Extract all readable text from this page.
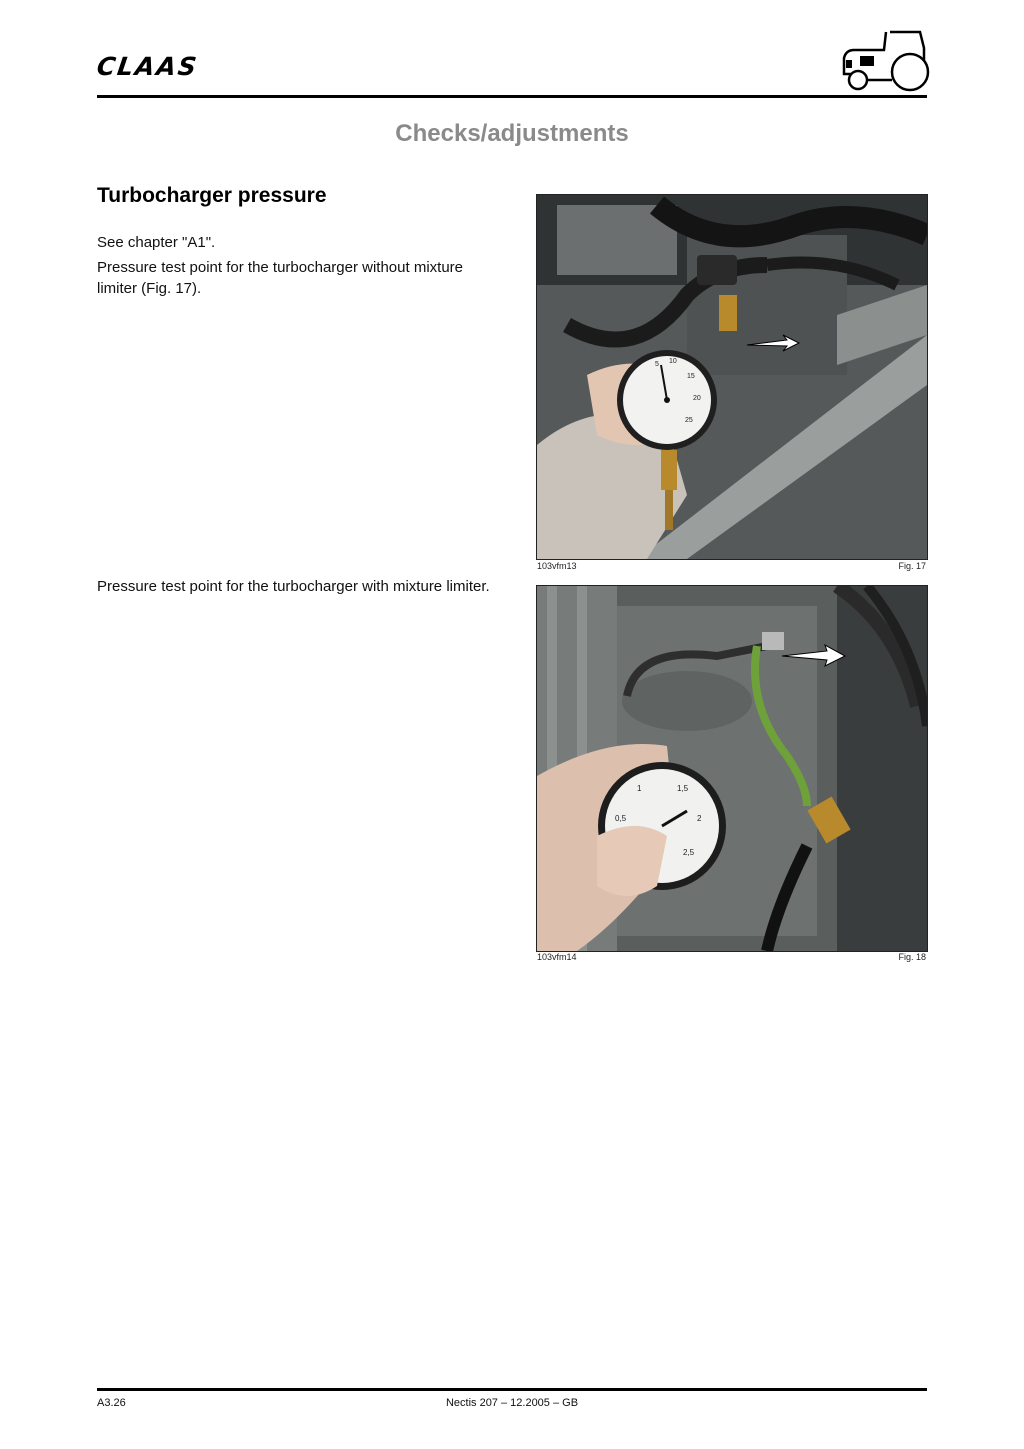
CLAAS
Checks/adjustments
Turbocharger pressure
See chapter "A1".
Pressure test point for the turbocharger without mixture limiter (Fig. 17).
Pressure test point for the turbocharger with mixture limiter.
5 10
15
20
25
103vfm13	Fig. 17
0,5
1	1,5
2
2,5
103vfm14	Fig. 18
A3.26	Nectis 207 – 12.2005 – GB
